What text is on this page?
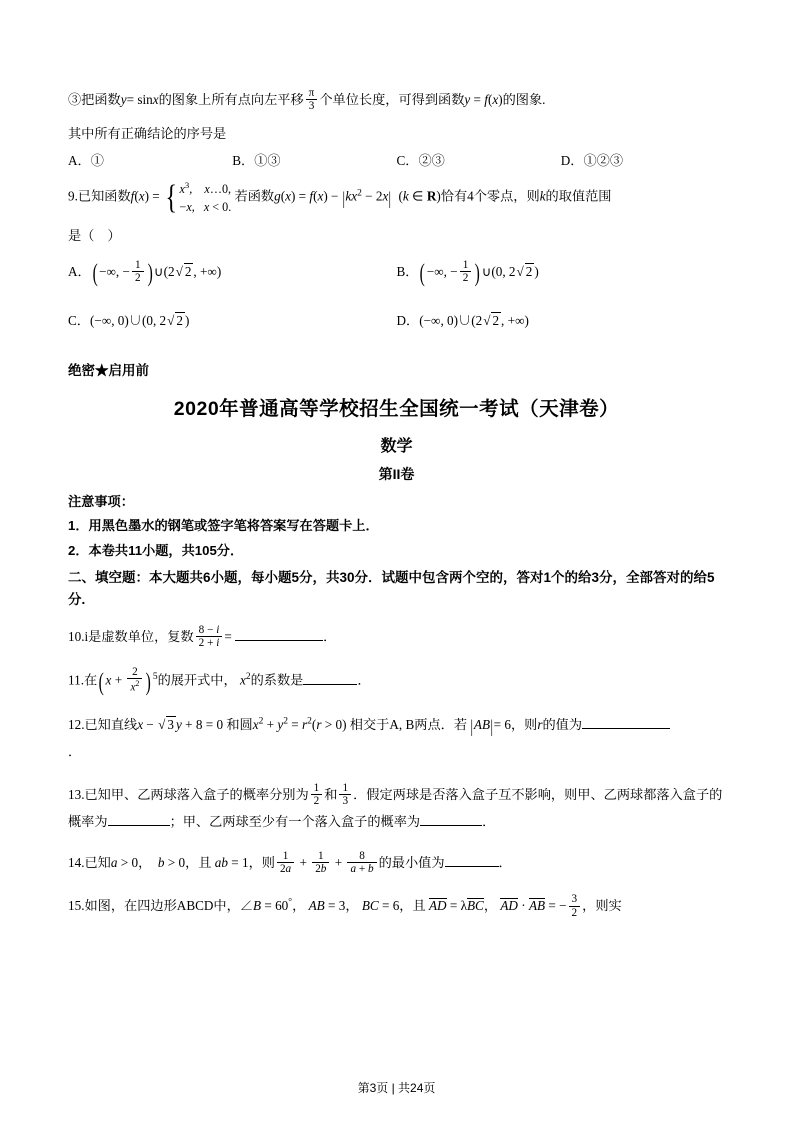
③把函数y= sinx的图象上所有点向左平移 $\frac{\pi}{3}$ 个单位长度，可得到函数y = f(x)的图象.
其中所有正确结论的序号是
A．①	B．①③	C．②③	D．①②③
9.已知函数f(x) = { $x^3$,    x…0,
−x,   x < 0.
若函数$g(x) = f(x) - |kx^2 - 2x|$  (k ∈ R)恰有4个零点，则k的取值范围
是（　）
A．( −∞, − $\frac{1}{2}$ ) ∪(2√ 2 , +∞)	B．( −∞, − $\frac{1}{2}$ ) ∪(0, 2√ 2 )
C．(−∞, 0)∪(0, 2√ 2 )	D．(−∞, 0)∪(2√ 2 , +∞)
绝密★启用前
2020年普通高等学校招生全国统一考试（天津卷）
数学
第II卷
注意事项：
1．用黑色墨水的钢笔或签字笔将答案写在答题卡上．
2．本卷共11小题，共105分．
二、填空题：本大题共6小题，每小题5分，共30分．试题中包含两个空的，答对1个的给3分，全部答对的给5分.
10.i是虚数单位，复数 $\frac{8 - i}{2 + i}$ =	．
11.在( $x + \frac{2}{x^2}$ ) $^5$的展开式中， $x^2$的系数是	．
12.已知直线x − √ 3 y + 8 = 0 和圆$x^2 + y^2 = r^2(r > 0)$ 相交于A, B两点．若 |AB|= 6，则r的值为
．
13.已知甲、乙两球落入盒子的概率分别为 $\frac{1}{2}$ 和 $\frac{1}{3}$ ．假定两球是否落入盒子互不影响，则甲、乙两球都落入盒子的概率为	；甲、乙两球至少有一个落入盒子的概率为	．
14.已知a > 0， b > 0，且 ab = 1，则 $\frac{1}{2a} + \frac{1}{2b} + \frac{8}{a + b}$ 的最小值为	．
15.如图，在四边形ABCD中，∠B = 60°， AB = 3， BC = 6，且 AD = λBC， AD · AB = − $\frac{3}{2}$ ，则实
第3页 | 共24页
